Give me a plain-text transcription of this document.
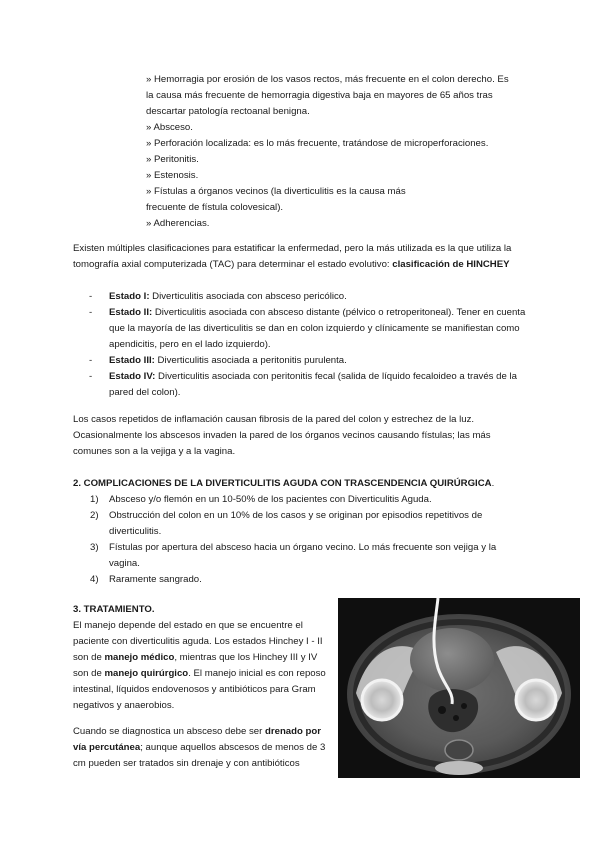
» Hemorragia por erosión de los vasos rectos, más frecuente en el colon derecho. Es
la causa más frecuente de hemorragia digestiva baja en mayores de 65 años tras
descartar patología rectoanal benigna.
» Absceso.
» Perforación localizada: es lo más frecuente, tratándose de microperforaciones.
» Peritonitis.
» Estenosis.
» Fístulas a órganos vecinos (la diverticulitis es la causa más
frecuente de fístula colovesical).
» Adherencias.
Existen múltiples clasificaciones para estatificar la enfermedad, pero la más utilizada es la que utiliza la tomografía axial computerizada (TAC) para determinar el estado evolutivo: clasificación de HINCHEY
- Estado I: Diverticulitis asociada con absceso pericólico.
- Estado II: Diverticulitis asociada con absceso distante (pélvico o retroperitoneal). Tener en cuenta que la mayoría de las diverticulitis se dan en colon izquierdo y clínicamente se manifiestan como apendicitis, pero en el lado izquierdo).
- Estado III: Diverticulitis asociada a peritonitis purulenta.
- Estado IV: Diverticulitis asociada con peritonitis fecal (salida de líquido fecaloideo a través de la pared del colon).
Los casos repetidos de inflamación causan fibrosis de la pared del colon y estrechez de la luz. Ocasionalmente los abscesos invaden la pared de los órganos vecinos causando fístulas; las más comunes son a la vejiga y a la vagina.
2. COMPLICACIONES DE LA DIVERTICULITIS AGUDA CON TRASCENDENCIA QUIRÚRGICA.
1) Absceso y/o flemón en un 10-50% de los pacientes con Diverticulitis Aguda.
2) Obstrucción del colon en un 10% de los casos y se originan por episodios repetitivos de diverticulitis.
3) Fístulas por apertura del absceso hacia un órgano vecino. Lo más frecuente son vejiga y la vagina.
4) Raramente sangrado.
3. TRATAMIENTO.
El manejo depende del estado en que se encuentre el paciente con diverticulitis aguda. Los estados Hinchey I - II son de manejo médico, mientras que los Hinchey III y IV son de manejo quirúrgico. El manejo inicial es con reposo intestinal, líquidos endovenosos y antibióticos para Gram negativos y anaerobios.
Cuando se diagnostica un absceso debe ser drenado por vía percutánea; aunque aquellos abscesos de menos de 3 cm pueden ser tratados sin drenaje y con antibióticos
